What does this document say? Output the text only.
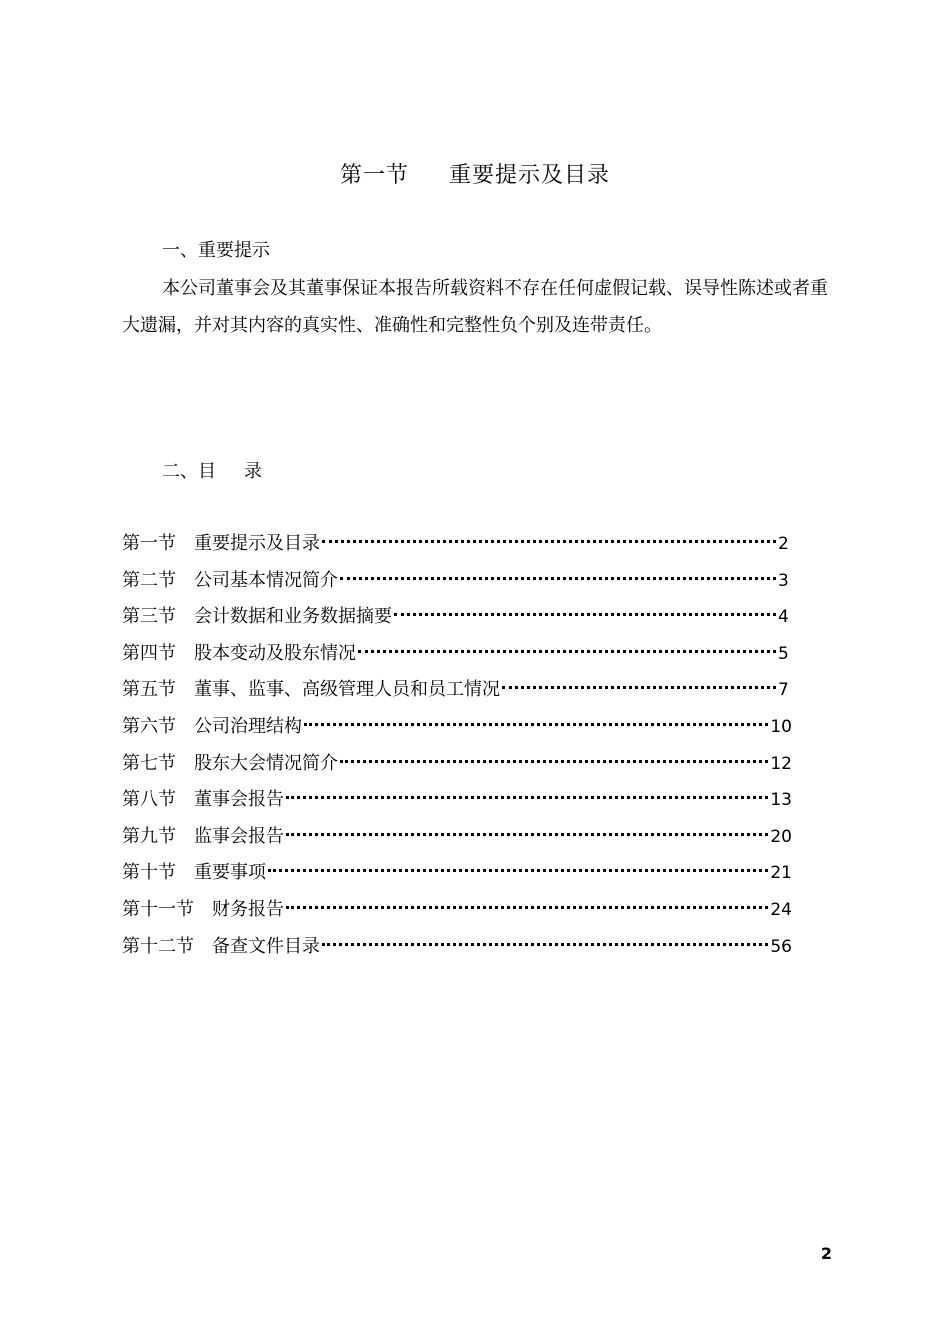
第一节 重要提示及目录
一、重要提示
本公司董事会及其董事保证本报告所载资料不存在任何虚假记载、误导性陈述或者重大遗漏，并对其内容的真实性、准确性和完整性负个别及连带责任。
二、目 录
第一节 重要提示及目录	2
第二节 公司基本情况简介	3
第三节 会计数据和业务数据摘要	4
第四节 股本变动及股东情况	5
第五节 董事、监事、高级管理人员和员工情况	7
第六节 公司治理结构	10
第七节 股东大会情况简介	12
第八节 董事会报告	13
第九节 监事会报告	20
第十节 重要事项	21
第十一节 财务报告	24
第十二节 备查文件目录	56
2
